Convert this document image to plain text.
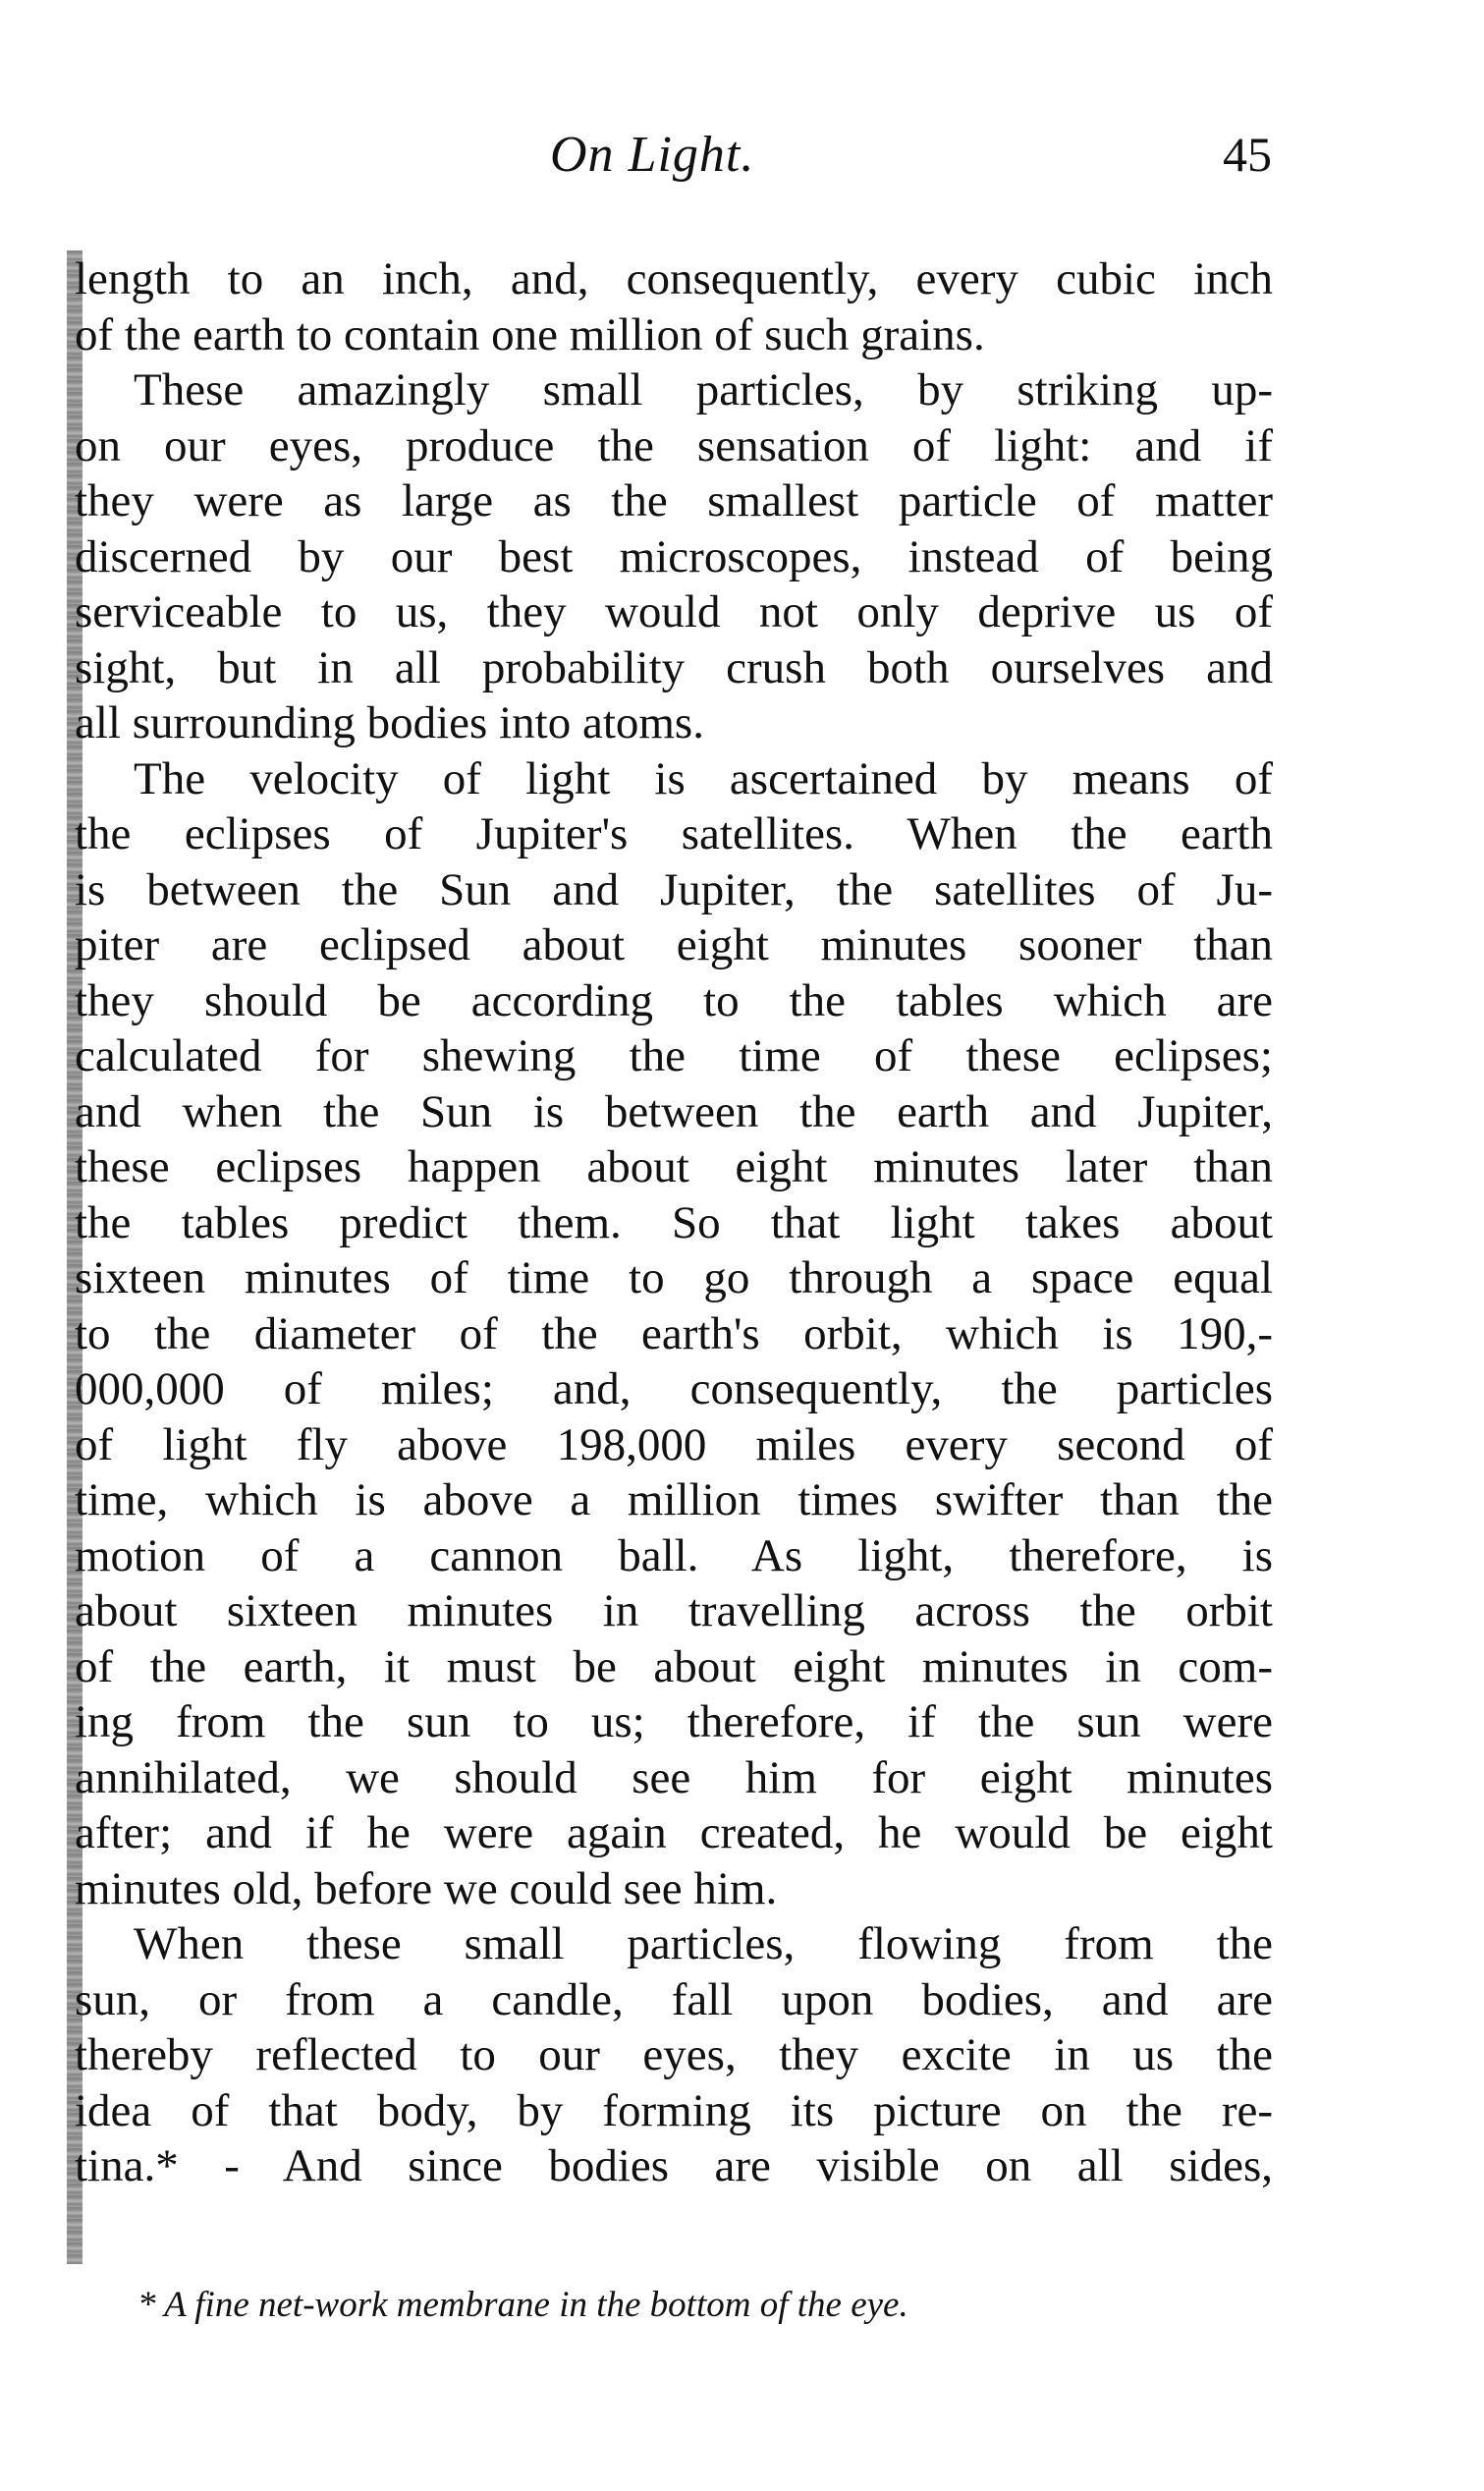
On Light.	45
length to an inch, and, consequently, every cubic inch
of the earth to contain one million of such grains.
These amazingly small particles, by striking up-
on our eyes, produce the sensation of light: and if
they were as large as the smallest particle of matter
discerned by our best microscopes, instead of being
serviceable to us, they would not only deprive us of
sight, but in all probability crush both ourselves and
all surrounding bodies into atoms.
The velocity of light is ascertained by means of
the eclipses of Jupiter's satellites. When the earth
is between the Sun and Jupiter, the satellites of Ju-
piter are eclipsed about eight minutes sooner than
they should be according to the tables which are
calculated for shewing the time of these eclipses;
and when the Sun is between the earth and Jupiter,
these eclipses happen about eight minutes later than
the tables predict them. So that light takes about
sixteen minutes of time to go through a space equal
to the diameter of the earth's orbit, which is 190,-
000,000 of miles; and, consequently, the particles
of light fly above 198,000 miles every second of
time, which is above a million times swifter than the
motion of a cannon ball. As light, therefore, is
about sixteen minutes in travelling across the orbit
of the earth, it must be about eight minutes in com-
ing from the sun to us; therefore, if the sun were
annihilated, we should see him for eight minutes
after; and if he were again created, he would be eight
minutes old, before we could see him.
When these small particles, flowing from the
sun, or from a candle, fall upon bodies, and are
thereby reflected to our eyes, they excite in us the
idea of that body, by forming its picture on the re-
tina.* - And since bodies are visible on all sides,
* A fine net-work membrane in the bottom of the eye.
